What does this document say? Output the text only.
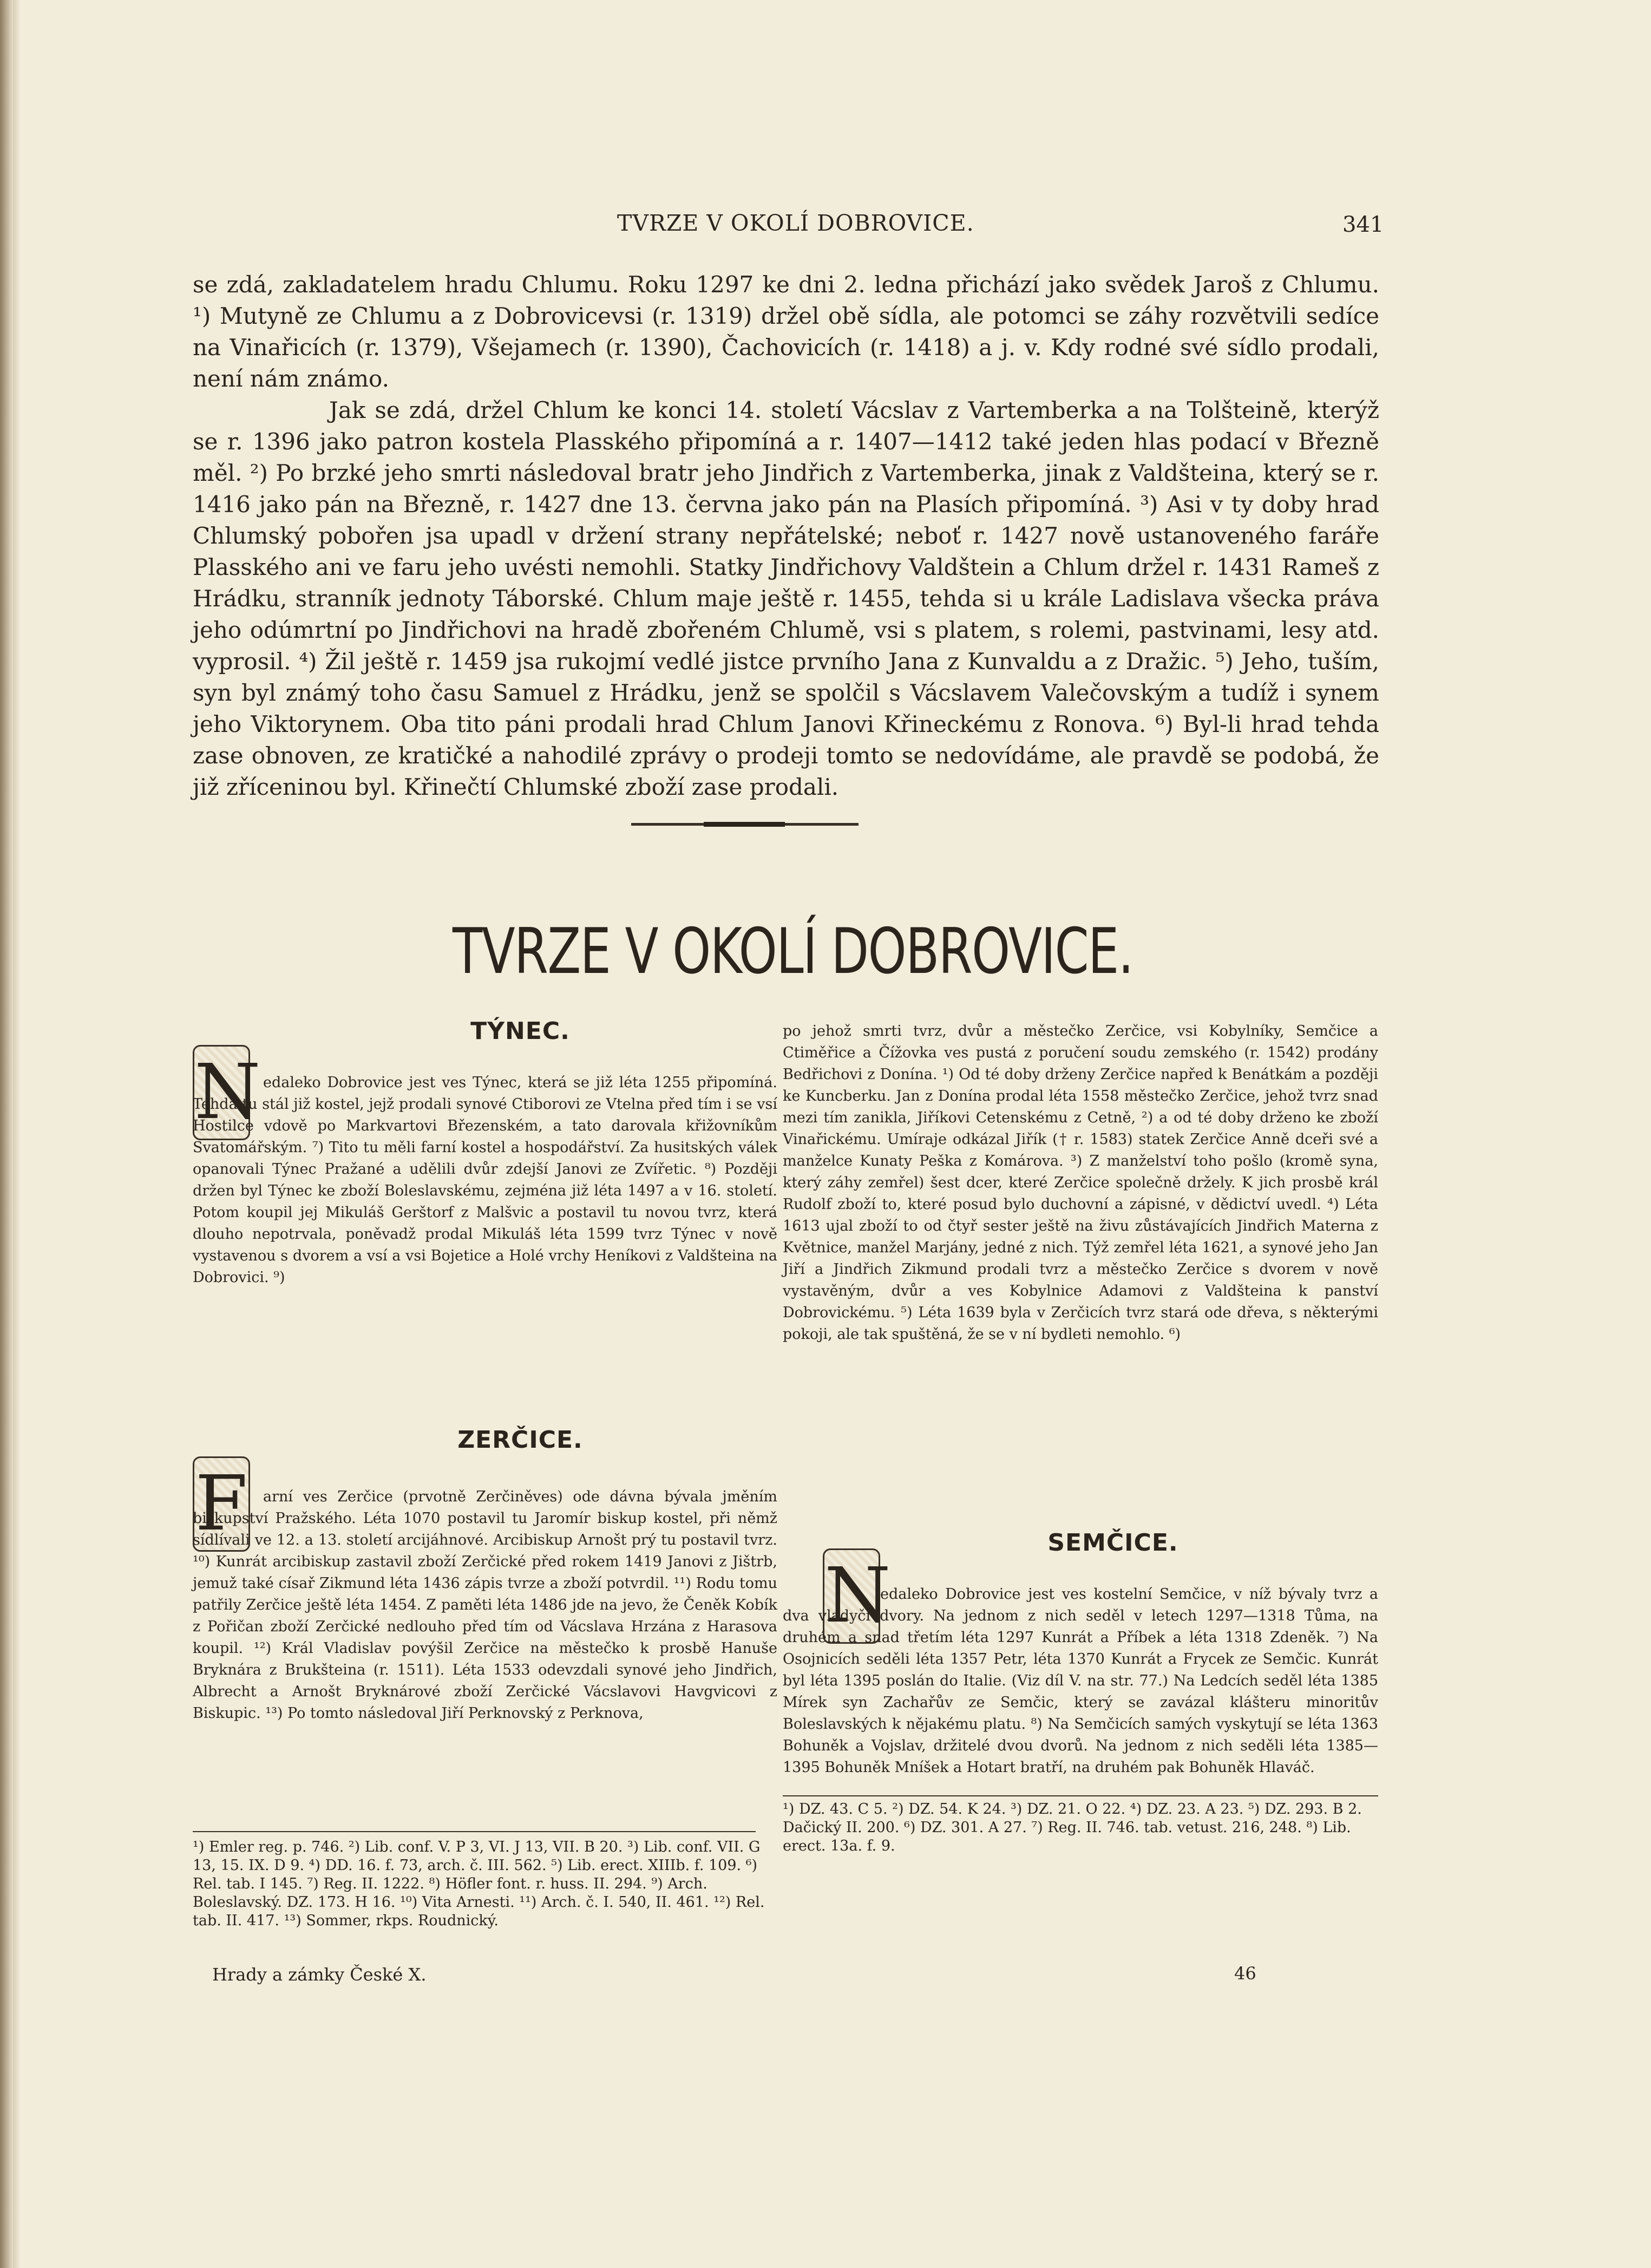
TVRZE V OKOLÍ DOBROVICE.	341

se zdá, zakladatelem hradu Chlumu. Roku 1297 ke dni 2. ledna přichází jako svědek Jaroš z Chlumu. ¹) Mutyně ze Chlumu a z Dobrovicevsi (r. 1319) držel obě sídla, ale potomci se záhy rozvětvili sedíce na Vinařicích (r. 1379), Všejamech (r. 1390), Čachovicích (r. 1418) a j. v. Kdy rodné své sídlo prodali, není nám známo.

Jak se zdá, držel Chlum ke konci 14. století Vácslav z Vartemberka a na Tolšteině, kterýž se r. 1396 jako patron kostela Plasského připomíná a r. 1407—1412 také jeden hlas podací v Březně měl. ²) Po brzké jeho smrti následoval bratr jeho Jindřich z Vartemberka, jinak z Valdšteina, který se r. 1416 jako pán na Březně, r. 1427 dne 13. června jako pán na Plasích připomíná. ³) Asi v ty doby hrad Chlumský pobořen jsa upadl v držení strany nepřátelské; neboť r. 1427 nově ustanoveného faráře Plasského ani ve faru jeho uvésti nemohli. Statky Jindřichovy Valdštein a Chlum držel r. 1431 Rameš z Hrádku, stranník jednoty Táborské. Chlum maje ještě r. 1455, tehda si u krále Ladislava všecka práva jeho odúmrtní po Jindřichovi na hradě zbořeném Chlumě, vsi s platem, s rolemi, pastvinami, lesy atd. vyprosil. ⁴) Žil ještě r. 1459 jsa rukojmí vedlé jistce prvního Jana z Kunvaldu a z Dražic. ⁵) Jeho, tuším, syn byl známý toho času Samuel z Hrádku, jenž se spolčil s Vácslavem Valečovským a tudíž i synem jeho Viktorynem. Oba tito páni prodali hrad Chlum Janovi Křineckému z Ronova. ⁶) Byl-li hrad tehda zase obnoven, ze kratičké a nahodilé zprávy o prodeji tomto se nedovídáme, ale pravdě se podobá, že již zříceninou byl. Křinečtí Chlumské zboží zase prodali.

TVRZE V OKOLÍ DOBROVICE.
TÝNEC.
N edaleko Dobrovice jest ves Týnec, která se již léta 1255 připomíná. Tehda tu stál již kostel, jejž prodali synové Ctiborovi ze Vtelna před tím i se vsí Hostilce vdově po Markvartovi Březenském, a tato darovala křižovníkům Svatomářským. ⁷) Tito tu měli farní kostel a hospodářství. Za husitských válek opanovali Týnec Pražané a udělili dvůr zdejší Janovi ze Zvířetic. ⁸) Později držen byl Týnec ke zboží Boleslavskému, zejména již léta 1497 a v 16. století. Potom koupil jej Mikuláš Gerštorf z Malšvic a postavil tu novou tvrz, která dlouho nepotrvala, poněvadž prodal Mikuláš léta 1599 tvrz Týnec v nově vystavenou s dvorem a vsí a vsi Bojetice a Holé vrchy Heníkovi z Valdšteina na Dobrovici. ⁹)
ZERČICE.
F	arní ves Zerčice (prvotně Zerčiněves) ode dávna bývala jměním biskupství Pražského. Léta 1070 postavil tu Jaromír biskup kostel, při němž sídlívali ve 12. a 13. století arcijáhnové. Arcibiskup Arnošt prý tu postavil tvrz. ¹⁰) Kunrát arcibiskup zastavil zboží Zerčické před rokem 1419 Janovi z Jištrb, jemuž také císař Zikmund léta 1436 zápis tvrze a zboží potvrdil. ¹¹) Rodu tomu patřily Zerčice ještě léta 1454. Z paměti léta 1486 jde na jevo, že Čeněk Kobík z Pořičan zboží Zerčické nedlouho před tím od Vácslava Hrzána z Harasova koupil. ¹²) Král Vladislav povýšil Zerčice na městečko k prosbě Hanuše Bryknára z Brukšteina (r. 1511). Léta 1533 odevzdali synové jeho Jindřich, Albrecht a Arnošt Bryknárové zboží Zerčické Vácslavovi Havgvicovi z Biskupic. ¹³) Po tomto následoval Jiří Perknovský z Perknova,
¹) Emler reg. p. 746. ²) Lib. conf. V. P 3, VI. J 13, VII. B 20. ³) Lib. conf. VII. G 13, 15. IX. D 9. ⁴) DD. 16. f. 73, arch. č. III. 562. ⁵) Lib. erect. XIIIb. f. 109. ⁶) Rel. tab. I 145. ⁷) Reg. II. 1222. ⁸) Höfler font. r. huss. II. 294. ⁹) Arch. Boleslavský. DZ. 173. H 16. ¹⁰) Vita Arnesti. ¹¹) Arch. č. I. 540, II. 461. ¹²) Rel. tab. II. 417. ¹³) Sommer, rkps. Roudnický.
po jehož smrti tvrz, dvůr a městečko Zerčice, vsi Kobylníky, Semčice a Ctiměřice a Čížovka ves pustá z poručení soudu zemského (r. 1542) prodány Bedřichovi z Donína. ¹) Od té doby drženy Zerčice napřed k Benátkám a později ke Kuncberku. Jan z Donína prodal léta 1558 městečko Zerčice, jehož tvrz snad mezi tím zanikla, Jiříkovi Cetenskému z Cetně, ²) a od té doby drženo ke zboží Vinařickému. Umíraje odkázal Jiřík († r. 1583) statek Zerčice Anně dceři své a manželce Kunaty Peška z Komárova. ³) Z manželství toho pošlo (kromě syna, který záhy zemřel) šest dcer, které Zerčice společně držely. K jich prosbě král Rudolf zboží to, které posud bylo duchovní a zápisné, v dědictví uvedl. ⁴) Léta 1613 ujal zboží to od čtyř sester ještě na živu zůstávajících Jindřich Materna z Květnice, manžel Marjány, jedné z nich. Týž zemřel léta 1621, a synové jeho Jan Jiří a Jindřich Zikmund prodali tvrz a městečko Zerčice s dvorem v nově vystavěným, dvůr a ves Kobylnice Adamovi z Valdšteina k panství Dobrovickému. ⁵) Léta 1639 byla v Zerčicích tvrz stará ode dřeva, s některými pokoji, ale tak spuštěná, že se v ní bydleti nemohlo. ⁶)
SEMČICE.
N
edaleko Dobrovice jest ves kostelní Semčice, v níž bývaly tvrz a dva vladyčí dvory. Na jednom z nich seděl v letech 1297—1318 Tůma, na druhém a snad třetím léta 1297 Kunrát a Příbek a léta 1318 Zdeněk. ⁷) Na Osojnicích seděli léta 1357 Petr, léta 1370 Kunrát a Frycek ze Semčic. Kunrát byl léta 1395 poslán do Italie. (Viz díl V. na str. 77.) Na Ledcích seděl léta 1385 Mírek syn Zachařův ze Semčic, který se zavázal klášteru minoritův Boleslavských k nějakému platu. ⁸) Na Semčicích samých vyskytují se léta 1363 Bohuněk a Vojslav, držitelé dvou dvorů. Na jednom z nich seděli léta 1385—1395 Bohuněk Mníšek a Hotart bratří, na druhém pak Bohuněk Hlaváč.
¹) DZ. 43. C 5. ²) DZ. 54. K 24. ³) DZ. 21. O 22. ⁴) DZ. 23. A 23. ⁵) DZ. 293. B 2. Dačický II. 200. ⁶) DZ. 301. A 27. ⁷) Reg. II. 746. tab. vetust. 216, 248. ⁸) Lib. erect. 13a. f. 9.
Hrady a zámky České X.	46
